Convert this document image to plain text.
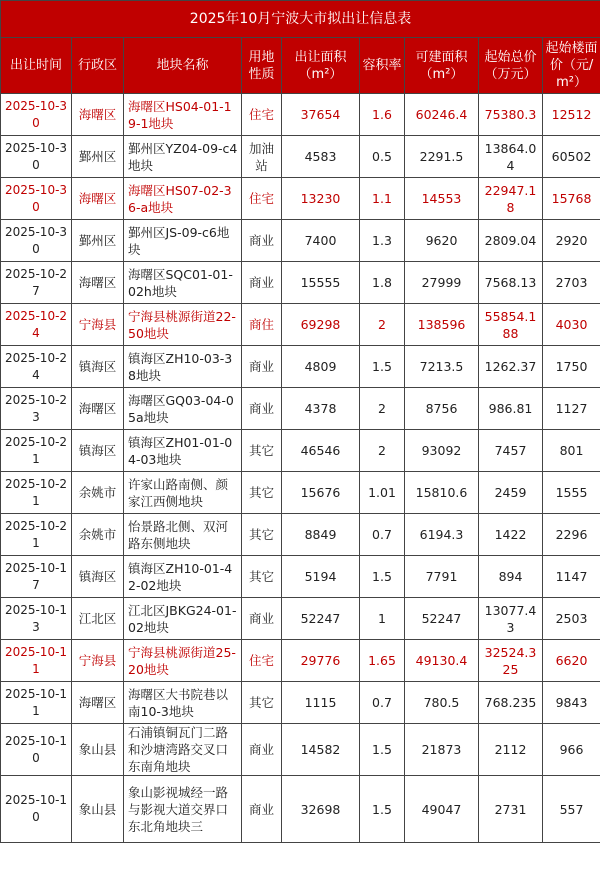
2025年10月宁波大市拟出让信息表								
出让时间	行政区	地块名称	用地性质	出让面积（m²）	容积率	可建面积（m²）	起始总价（万元）	起始楼面价（元/m²）
2025-10-30	海曙区	海曙区HS04-01-19-1地块	住宅	37654	1.6	60246.4	75380.3	12512
2025-10-30	鄞州区	鄞州区YZ04-09-c4地块	加油站	4583	0.5	2291.5	13864.04	60502
2025-10-30	海曙区	海曙区HS07-02-36-a地块	住宅	13230	1.1	14553	22947.18	15768
2025-10-30	鄞州区	鄞州区JS-09-c6地块	商业	7400	1.3	9620	2809.04	2920
2025-10-27	海曙区	海曙区SQC01-01-02h地块	商业	15555	1.8	27999	7568.13	2703
2025-10-24	宁海县	宁海县桃源街道22-50地块	商住	69298	2	138596	55854.188	4030
2025-10-24	镇海区	镇海区ZH10-03-38地块	商业	4809	1.5	7213.5	1262.37	1750
2025-10-23	海曙区	海曙区GQ03-04-05a地块	商业	4378	2	8756	986.81	1127
2025-10-21	镇海区	镇海区ZH01-01-04-03地块	其它	46546	2	93092	7457	801
2025-10-21	余姚市	许家山路南侧、颜家江西侧地块	其它	15676	1.01	15810.6	2459	1555
2025-10-21	余姚市	怡景路北侧、双河路东侧地块	其它	8849	0.7	6194.3	1422	2296
2025-10-17	镇海区	镇海区ZH10-01-42-02地块	其它	5194	1.5	7791	894	1147
2025-10-13	江北区	江北区JBKG24-01-02地块	商业	52247	1	52247	13077.43	2503
2025-10-11	宁海县	宁海县桃源街道25-20地块	住宅	29776	1.65	49130.4	32524.325	6620
2025-10-11	海曙区	海曙区大书院巷以南10-3地块	其它	1115	0.7	780.5	768.235	9843
2025-10-10	象山县	石浦镇铜瓦门二路和沙塘湾路交叉口东南角地块	商业	14582	1.5	21873	2112	966
2025-10-10	象山县	象山影视城经一路与影视大道交界口东北角地块三	商业	32698	1.5	49047	2731	557
